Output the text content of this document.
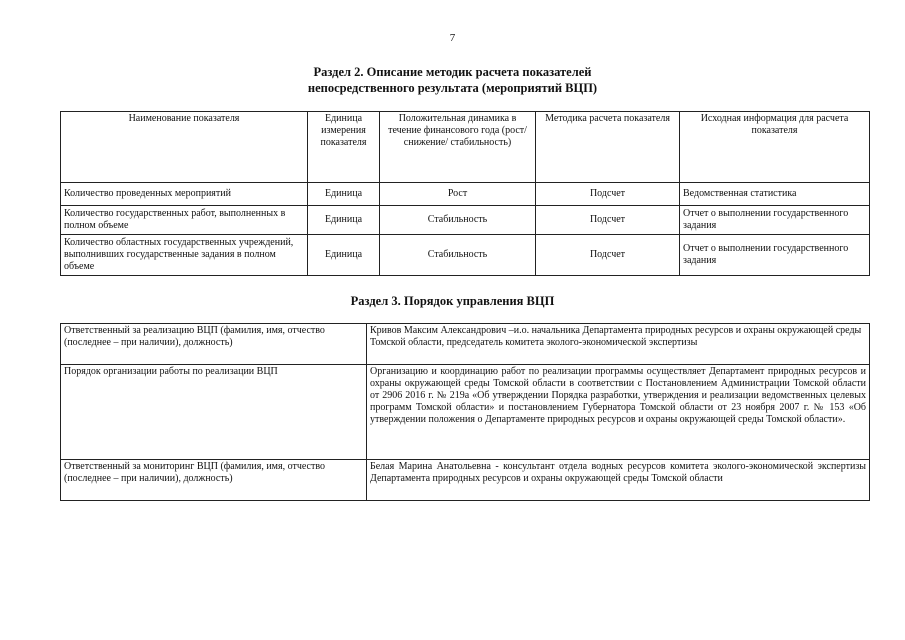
7
Раздел 2. Описание методик расчета показателей
непосредственного результата (мероприятий ВЦП)
Наименование показателя	Единица измерения показателя	Положительная динамика в течение финансового года (рост/снижение/ стабильность)	Методика расчета показателя	Исходная информация для расчета показателя
Количество проведенных мероприятий	Единица	Рост	Подсчет	Ведомственная статистика
Количество государственных работ, выполненных в полном объеме	Единица	Стабильность	Подсчет	Отчет о выполнении государственного задания
Количество областных государственных учреждений, выполнивших государственные задания в полном объеме	Единица	Стабильность	Подсчет	Отчет о выполнении государственного задания
Раздел 3. Порядок управления ВЦП
Ответственный за реализацию ВЦП (фамилия, имя, отчество (последнее – при наличии), должность)	Кривов Максим Александрович –и.о. начальника Департамента природных ресурсов и охраны окружающей среды Томской области, председатель комитета эколого-экономической экспертизы
Порядок организации работы по реализации ВЦП	Организацию и координацию работ по реализации программы осуществляет Департамент природных ресурсов и охраны окружающей среды Томской области в соответствии с Постановлением Администрации Томской области от 2906 2016 г. № 219а «Об утверждении Порядка разработки, утверждения и реализации ведомственных целевых программ Томской области» и постановлением Губернатора Томской области от 23 ноября 2007 г. № 153 «Об утверждении положения о Департаменте природных ресурсов и охраны окружающей среды Томской области».
Ответственный за мониторинг ВЦП (фамилия, имя, отчество (последнее – при наличии), должность)	Белая Марина Анатольевна - консультант отдела водных ресурсов комитета эколого-экономической экспертизы Департамента природных ресурсов и охраны окружающей среды Томской области
